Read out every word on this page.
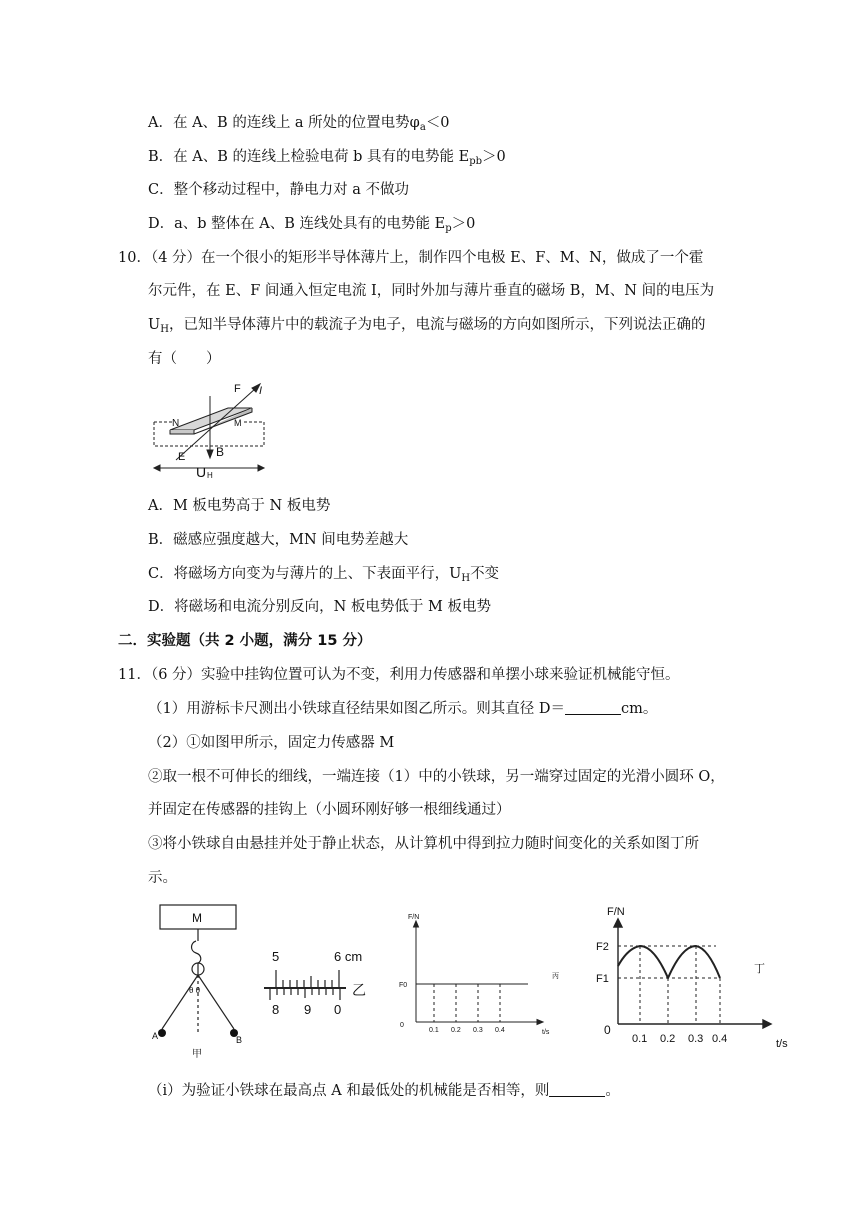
A．在 A、B 的连线上 a 所处的位置电势$\varphi_a<0$
B．在 A、B 的连线上检验电荷 b 具有的电势能 $E_{pb}>0$
C．整个移动过程中，静电力对 a 不做功
D．a、b 整体在 A、B 连线处具有的电势能 $E_p>0$
10．（4 分）在一个很小的矩形半导体薄片上，制作四个电极 E、F、M、N，做成了一个霍
尔元件，在 E、F 间通入恒定电流 I，同时外加与薄片垂直的磁场 B，M、N 间的电压为
$U_H$，已知半导体薄片中的载流子为电子，电流与磁场的方向如图所示，下列说法正确的
有（　　）
N	M
E
F I
B
U H
A．M 板电势高于 N 板电势
B．磁感应强度越大，MN 间电势差越大
C．将磁场方向变为与薄片的上、下表面平行，$U_H$不变
D．将磁场和电流分别反向，N 板电势低于 M 板电势
二．实验题（共 2 小题，满分 15 分）
11．（6 分）实验中挂钩位置可认为不变，利用力传感器和单摆小球来验证机械能守恒。
（1）用游标卡尺测出小铁球直径结果如图乙所示。则其直径 D＝	cm。
（2）①如图甲所示，固定力传感器 M
②取一根不可伸长的细线，一端连接（1）中的小铁球，另一端穿过固定的光滑小圆环 O，
并固定在传感器的挂钩上（小圆环刚好够一根细线通过）
③将小铁球自由悬挂并处于静止状态，从计算机中得到拉力随时间变化的关系如图丁所
示。
M
θ θ
A	B
甲
5	6 cm
8 9 0
乙
F/N
F0
0
0.1 0.2 0.3 0.4	t/s
丙
F/N
F2
F1
0
0.1 0.2 0.3 0.4	t/s
丁
（i）为验证小铁球在最高点 A 和最低处的机械能是否相等，则	。
